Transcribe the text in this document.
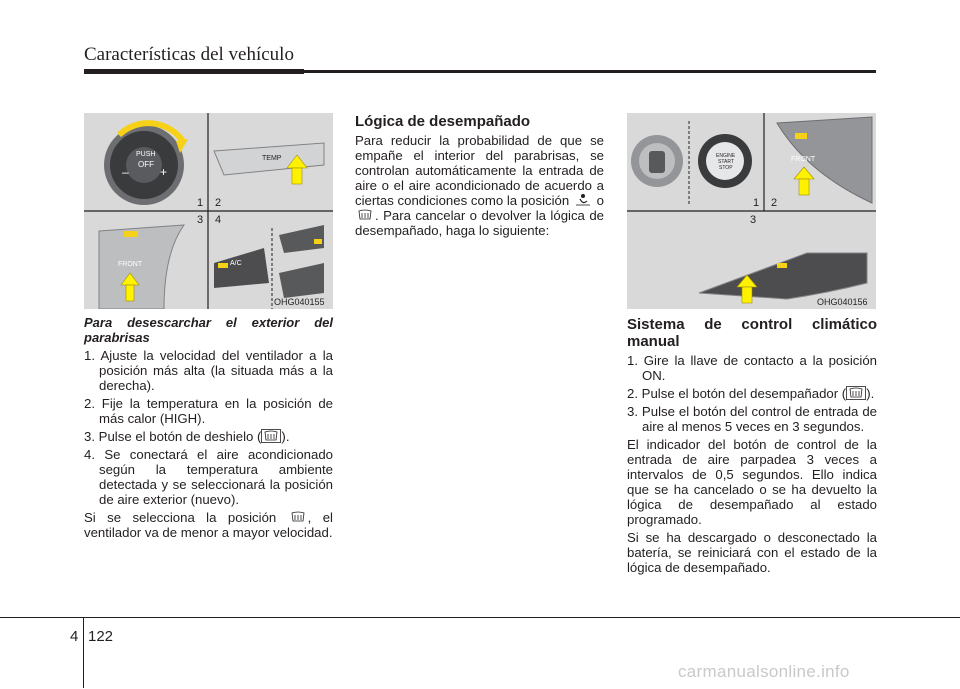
Características del vehículo
PUSH
OFF
–	+
TEMP
FRONT	A/C
1 2
3 4
OHG040155
ENGINE
START
STOP
FRONT
1 2
3
OHG040156

Para desescarchar el exterior del parabrisas

1. Ajuste la velocidad del ventilador a la posición más alta (la situada más a la derecha).

2. Fije la temperatura en la posición de más calor (HIGH).

3. Pulse el botón de deshielo ( ).

4. Se conectará el aire acondicionado según la temperatura ambiente detectada y se seleccionará la posición de aire exterior (nuevo).

Si se selecciona la posición , el ventilador va de menor a mayor velocidad.

Lógica de desempañado

Para reducir la probabilidad de que se empañe el interior del parabrisas, se controlan automáticamente la entrada de aire o el aire acondicionado de acuerdo a ciertas condiciones como la posición o . Para cancelar o devolver la lógica de desempañado, haga lo siguiente:

Sistema de control climático manual

1. Gire la llave de contacto a la posición ON.

2. Pulse el botón del desempañador ( ).

3. Pulse el botón del control de entrada de aire al menos 5 veces en 3 segundos.

El indicador del botón de control de la entrada de aire parpadea 3 veces a intervalos de 0,5 segundos. Ello indica que se ha cancelado o se ha devuelto la lógica de desempañado al estado programado.

Si se ha descargado o desconectado la batería, se reiniciará con el estado de la lógica de desempañado.

4 122
carmanualsonline.info
